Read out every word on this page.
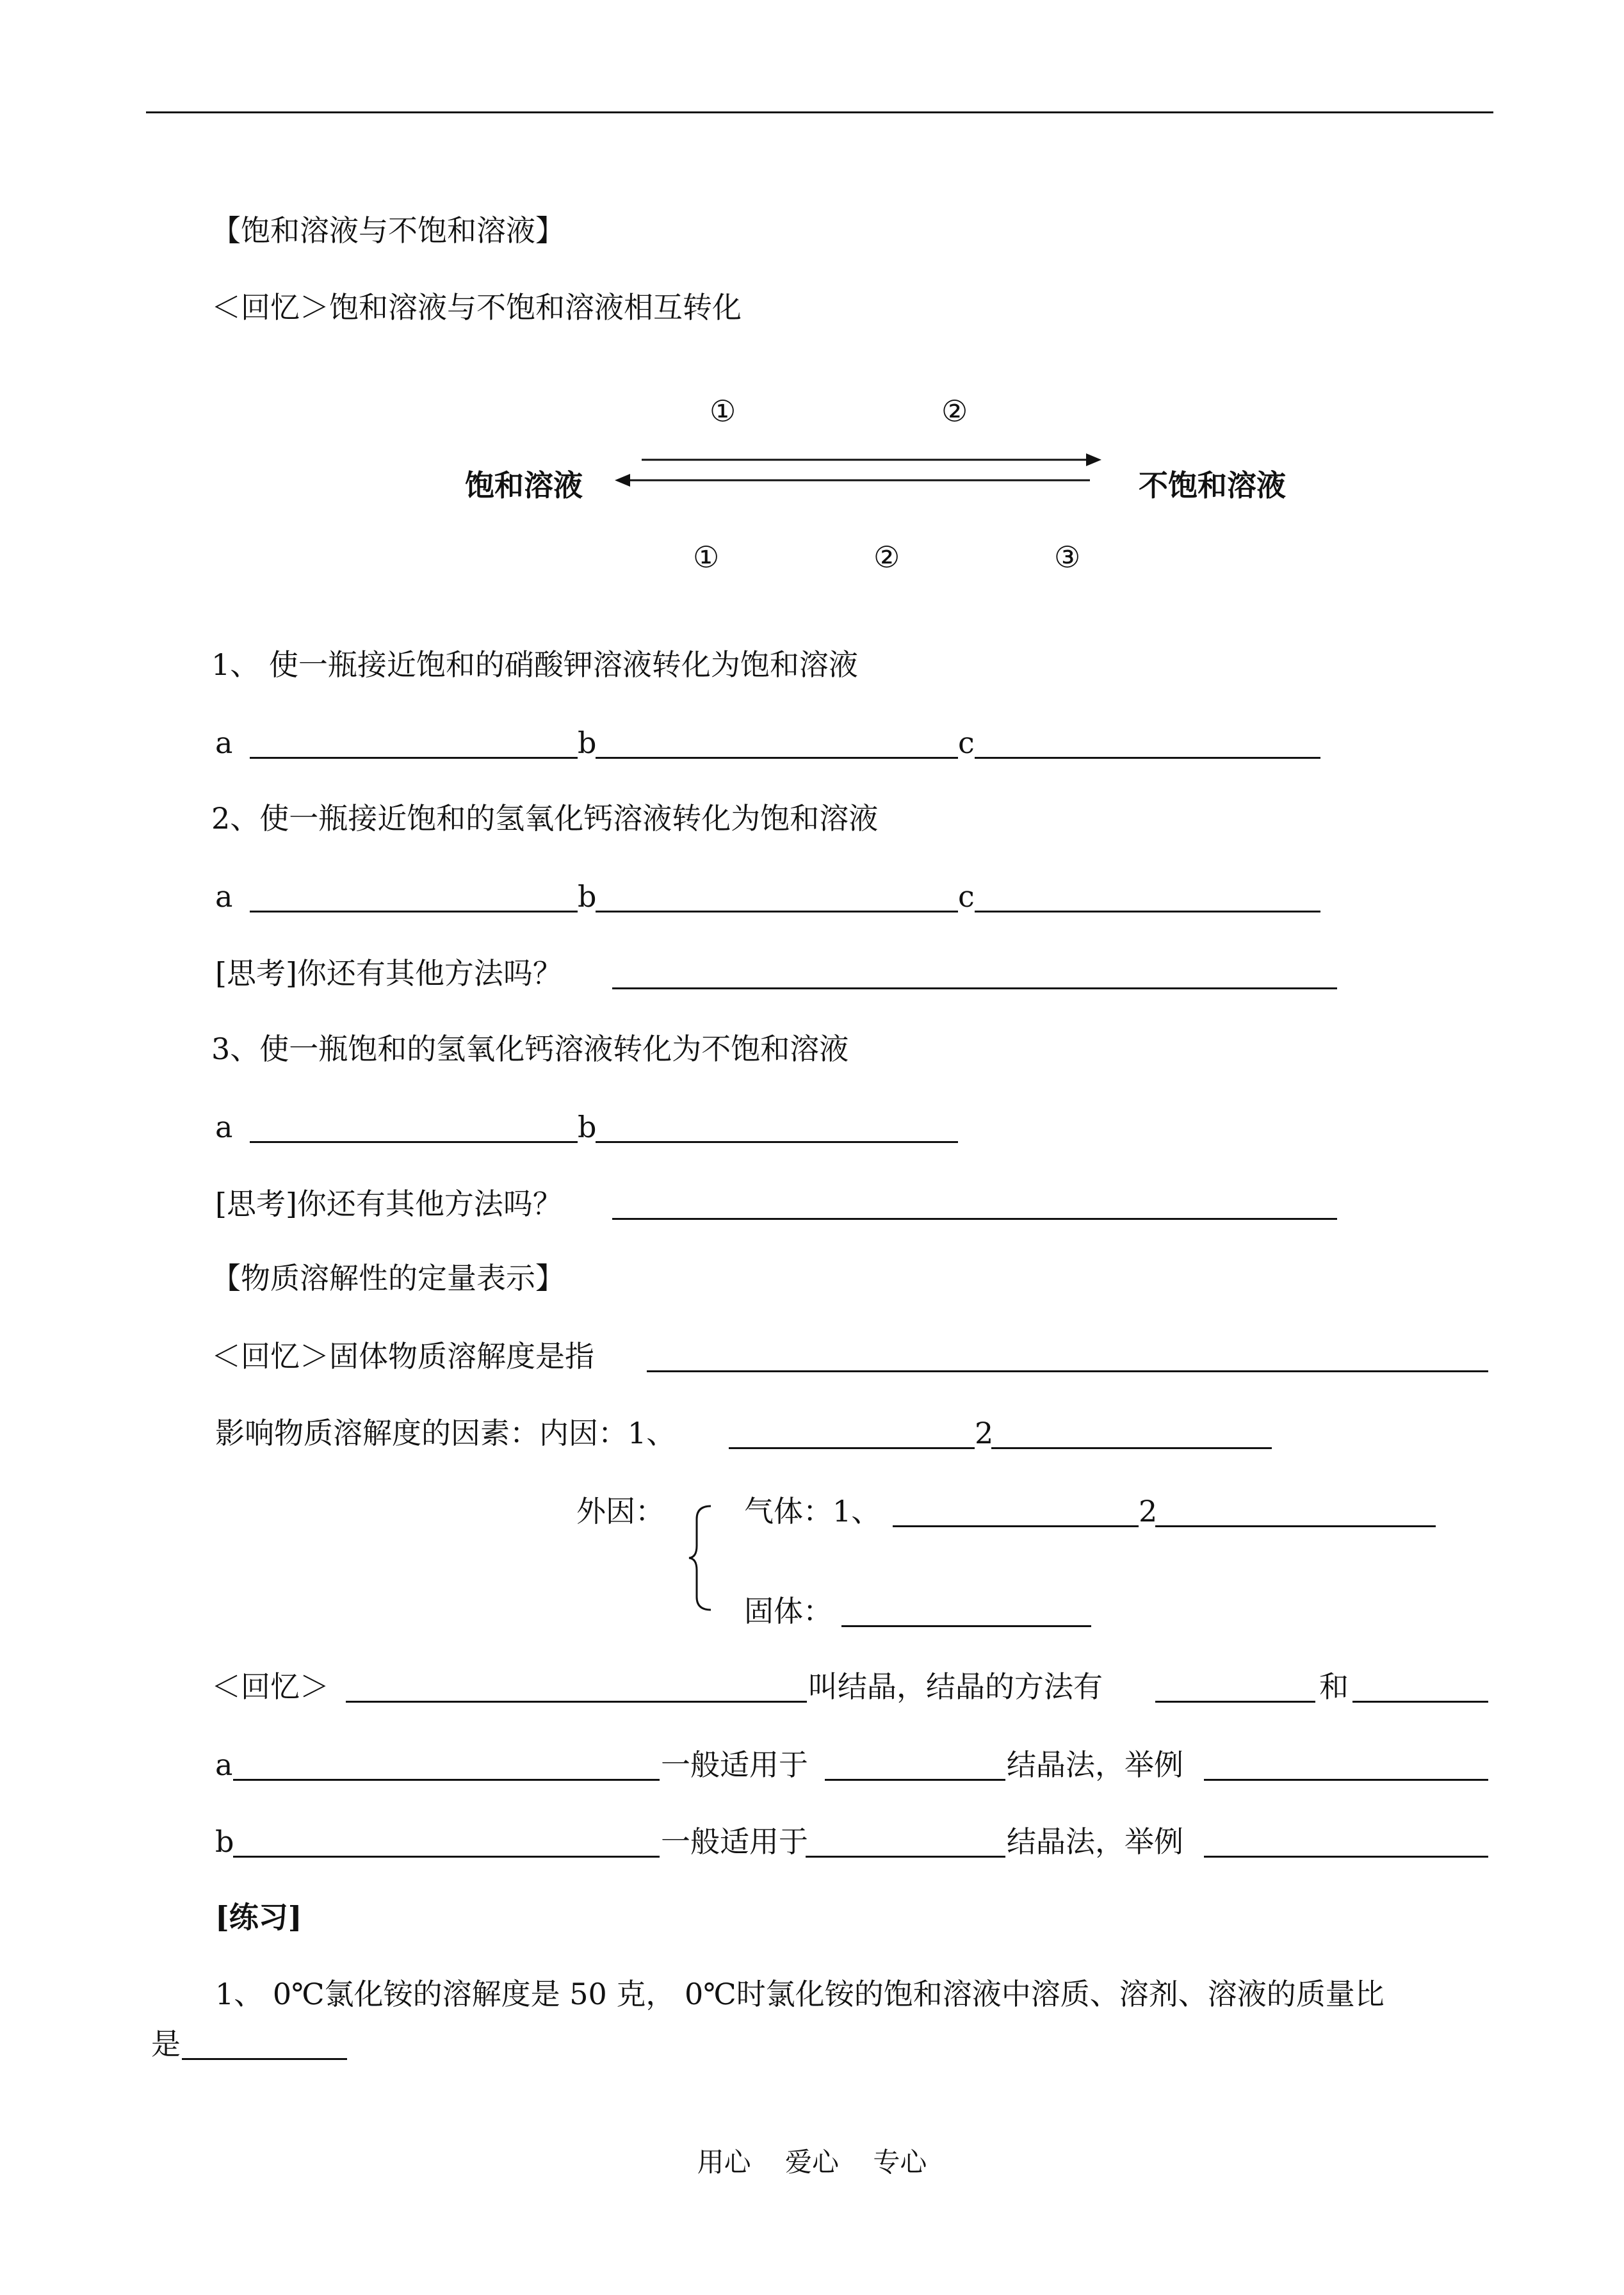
【饱和溶液与不饱和溶液】
＜回忆＞饱和溶液与不饱和溶液相互转化
饱和溶液	不饱和溶液
①	②
①	②	③
1、 使一瓶接近饱和的硝酸钾溶液转化为饱和溶液
a	b	c
2、使一瓶接近饱和的氢氧化钙溶液转化为饱和溶液
a	b	c
[思考]你还有其他方法吗？
3、使一瓶饱和的氢氧化钙溶液转化为不饱和溶液
a	b
[思考]你还有其他方法吗？
【物质溶解性的定量表示】
＜回忆＞固体物质溶解度是指
影响物质溶解度的因素：内因：1、	2
外因：	气体：1、	2
固体：
＜回忆＞	叫结晶，结晶的方法有	和
a	一般适用于	结晶法，举例
b	一般适用于	结晶法，举例
[练习]
1、 0℃氯化铵的溶解度是 50 克， 0℃时氯化铵的饱和溶液中溶质、溶剂、溶液的质量比
是
用心 爱心 专心
